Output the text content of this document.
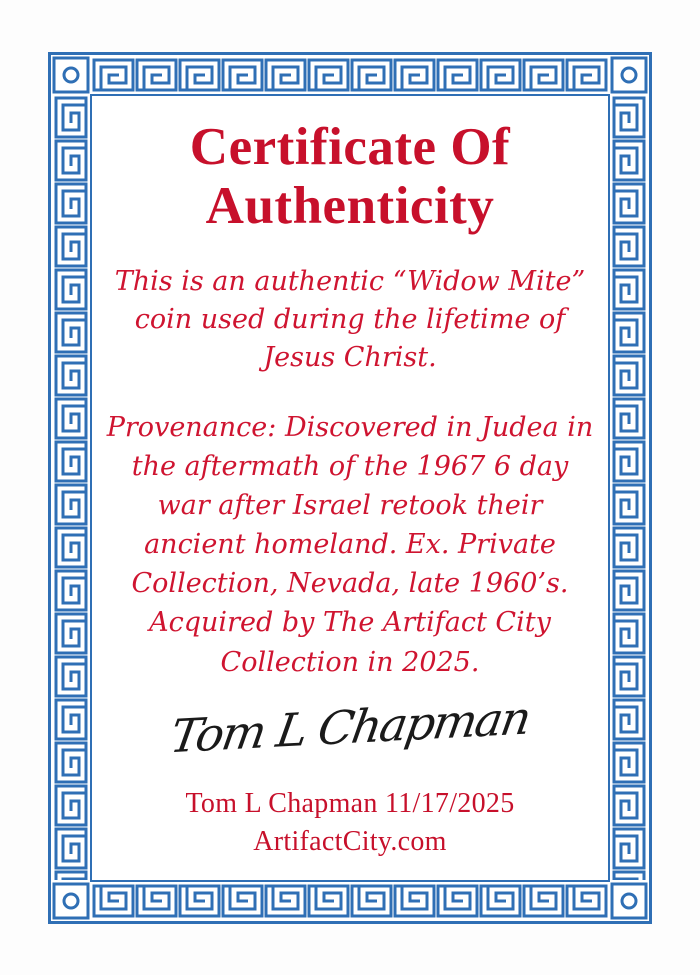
Certificate Of
Authenticity
This is an authentic “Widow Mite” coin used during the lifetime of Jesus Christ.
Provenance: Discovered in Judea in the aftermath of the 1967 6 day war after Israel retook their ancient homeland. Ex. Private Collection, Nevada, late 1960’s. Acquired by The Artifact City Collection in 2025.
Tom L Chapman
Tom L Chapman 11/17/2025
ArtifactCity.com
